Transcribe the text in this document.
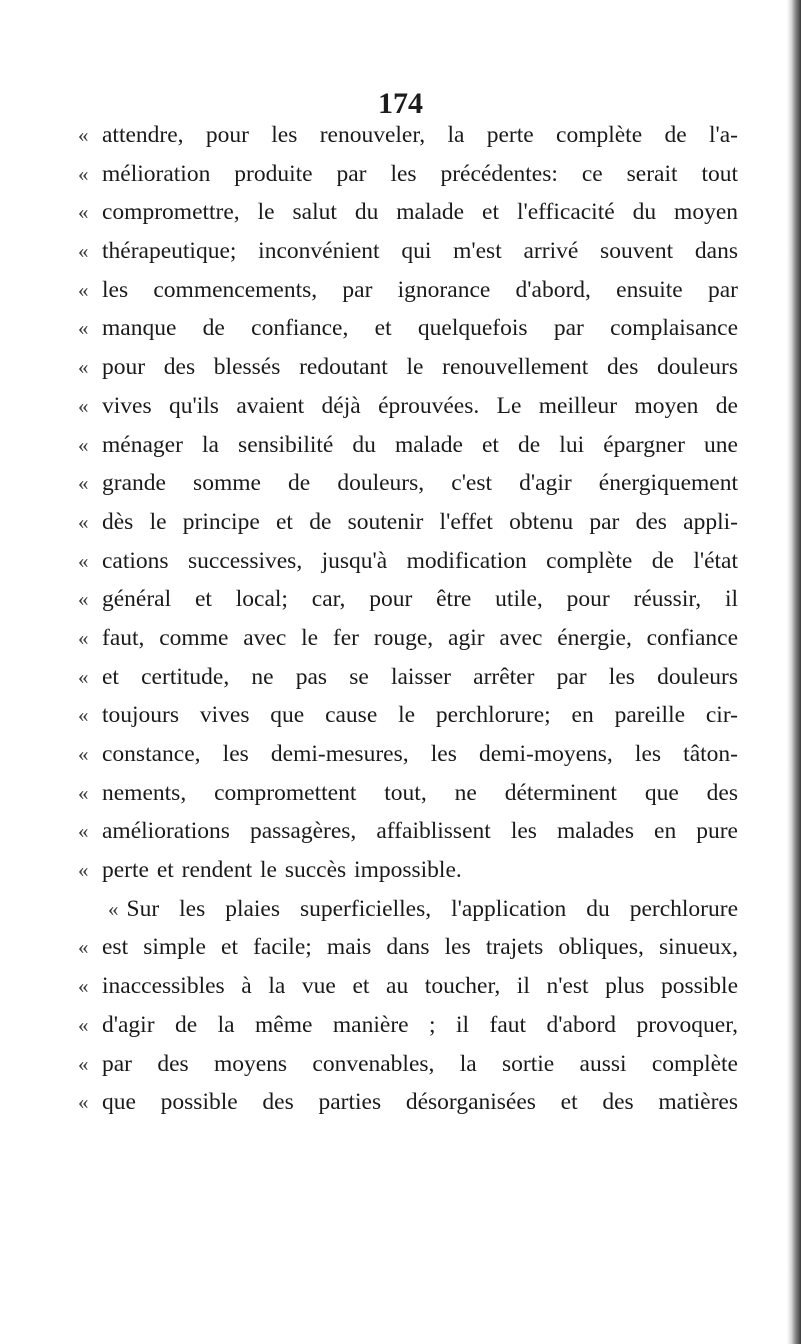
174
« attendre, pour les renouveler, la perte complète de l'a-
« mélioration produite par les précédentes: ce serait tout
« compromettre, le salut du malade et l'efficacité du moyen
« thérapeutique; inconvénient qui m'est arrivé souvent dans
« les commencements, par ignorance d'abord, ensuite par
« manque de confiance, et quelquefois par complaisance
« pour des blessés redoutant le renouvellement des douleurs
« vives qu'ils avaient déjà éprouvées. Le meilleur moyen de
« ménager la sensibilité du malade et de lui épargner une
« grande somme de douleurs, c'est d'agir énergiquement
« dès le principe et de soutenir l'effet obtenu par des appli-
« cations successives, jusqu'à modification complète de l'état
« général et local; car, pour être utile, pour réussir, il
« faut, comme avec le fer rouge, agir avec énergie, confiance
« et certitude, ne pas se laisser arrêter par les douleurs
« toujours vives que cause le perchlorure; en pareille cir-
« constance, les demi-mesures, les demi-moyens, les tâton-
« nements, compromettent tout, ne déterminent que des
« améliorations passagères, affaiblissent les malades en pure
« perte et rendent le succès impossible.
« Sur les plaies superficielles, l'application du perchlorure
« est simple et facile; mais dans les trajets obliques, sinueux,
« inaccessibles à la vue et au toucher, il n'est plus possible
« d'agir de la même manière ; il faut d'abord provoquer,
« par des moyens convenables, la sortie aussi complète
« que possible des parties désorganisées et des matières
